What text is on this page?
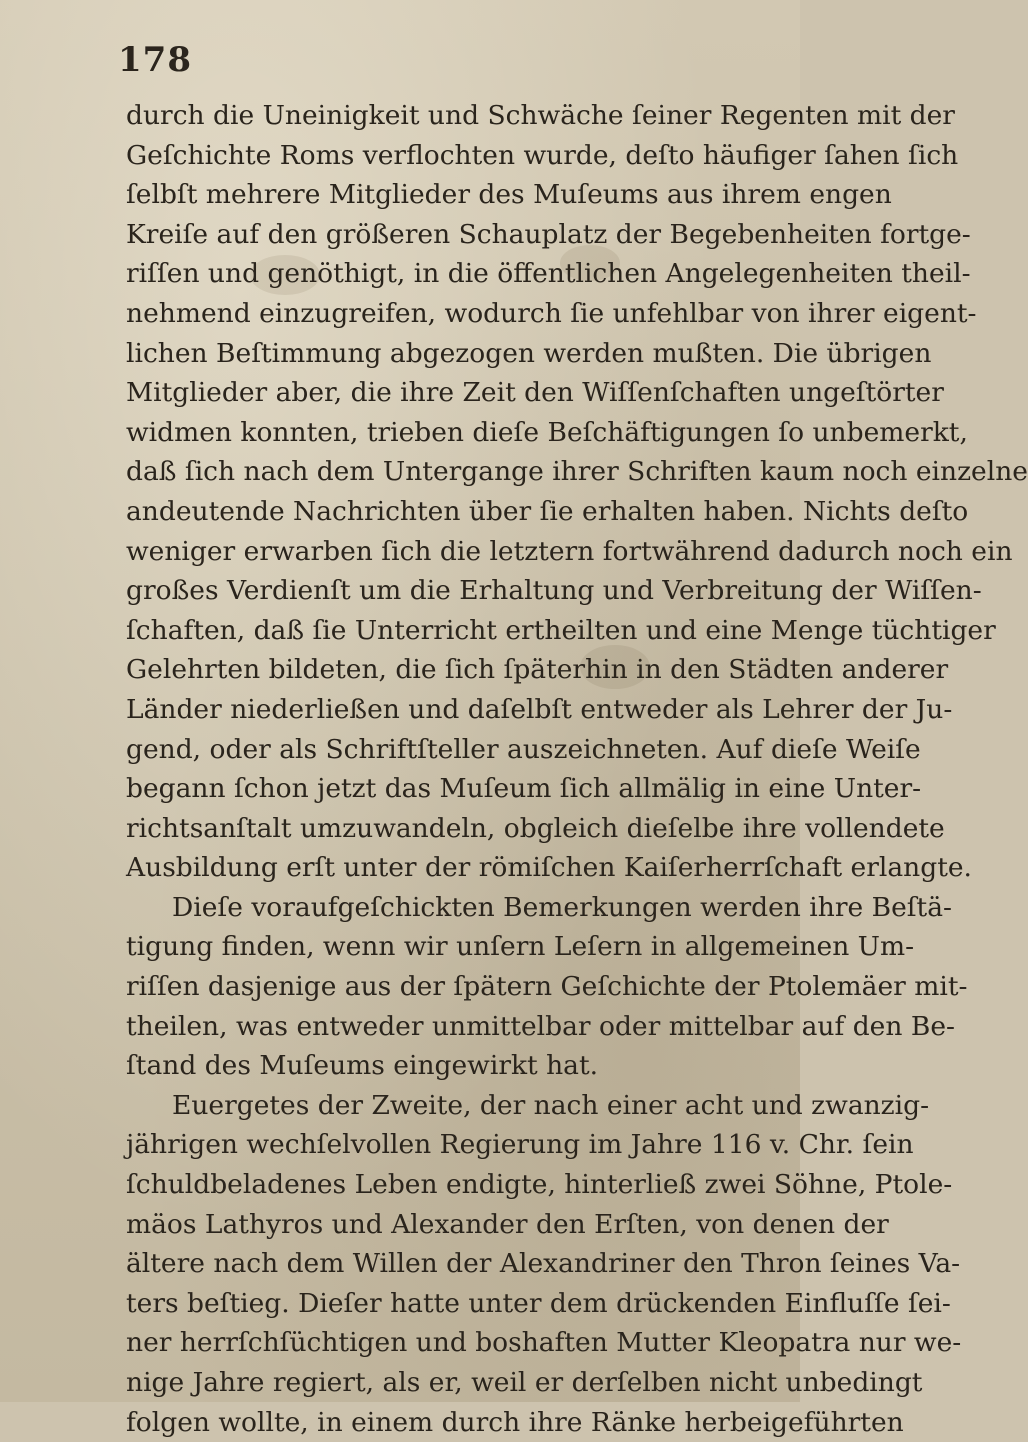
178
durch die Uneinigkeit und Schwäche ſeiner Regenten mit der
Geſchichte Roms verflochten wurde, deſto häufiger ſahen ſich
ſelbſt mehrere Mitglieder des Muſeums aus ihrem engen
Kreiſe auf den größeren Schauplatz der Begebenheiten fortge-
riſſen und genöthigt, in die öffentlichen Angelegenheiten theil-
nehmend einzugreifen, wodurch ſie unfehlbar von ihrer eigent-
lichen Beſtimmung abgezogen werden mußten. Die übrigen
Mitglieder aber, die ihre Zeit den Wiſſenſchaften ungeſtörter
widmen konnten, trieben dieſe Beſchäftigungen ſo unbemerkt,
daß ſich nach dem Untergange ihrer Schriften kaum noch einzelne
andeutende Nachrichten über ſie erhalten haben. Nichts deſto
weniger erwarben ſich die letztern fortwährend dadurch noch ein
großes Verdienſt um die Erhaltung und Verbreitung der Wiſſen-
ſchaften, daß ſie Unterricht ertheilten und eine Menge tüchtiger
Gelehrten bildeten, die ſich ſpäterhin in den Städten anderer
Länder niederließen und daſelbſt entweder als Lehrer der Ju-
gend, oder als Schriftſteller auszeichneten. Auf dieſe Weiſe
begann ſchon jetzt das Muſeum ſich allmälig in eine Unter-
richtsanſtalt umzuwandeln, obgleich dieſelbe ihre vollendete
Ausbildung erſt unter der römiſchen Kaiſerherrſchaft erlangte.
Dieſe voraufgeſchickten Bemerkungen werden ihre Beſtä-
tigung finden, wenn wir unſern Leſern in allgemeinen Um-
riſſen dasjenige aus der ſpätern Geſchichte der Ptolemäer mit-
theilen, was entweder unmittelbar oder mittelbar auf den Be-
ſtand des Muſeums eingewirkt hat.
Euergetes der Zweite, der nach einer acht und zwanzig-
jährigen wechſelvollen Regierung im Jahre 116 v. Chr. ſein
ſchuldbeladenes Leben endigte, hinterließ zwei Söhne, Ptole-
mäos Lathyros und Alexander den Erſten, von denen der
ältere nach dem Willen der Alexandriner den Thron ſeines Va-
ters beſtieg. Dieſer hatte unter dem drückenden Einfluſſe ſei-
ner herrſchſüchtigen und boshaften Mutter Kleopatra nur we-
nige Jahre regiert, als er, weil er derſelben nicht unbedingt
folgen wollte, in einem durch ihre Ränke herbeigeführten
